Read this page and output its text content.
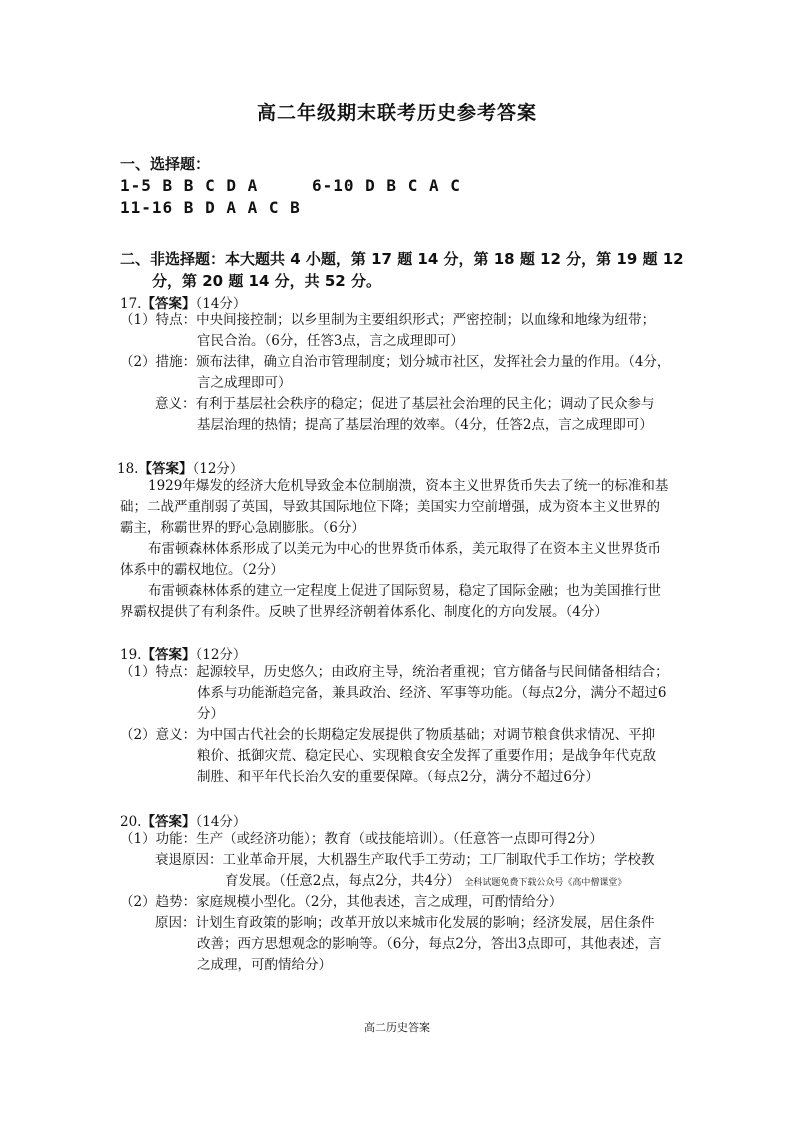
高二年级期末联考历史参考答案
一、选择题：
1-5 B B C D A	6-10 D B C A C
11-16 B D A A C B
二、非选择题：本大题共 4 小题，第 17 题 14 分，第 18 题 12 分，第 19 题 12
分，第 20 题 14 分，共 52 分。
17.【答案】（14分）
（1）特点：中央间接控制；以乡里制为主要组织形式；严密控制；以血缘和地缘为纽带；
官民合治。（6分，任答3点，言之成理即可）
（2）措施：颁布法律，确立自治市管理制度；划分城市社区，发挥社会力量的作用。（4分，
言之成理即可）
意义：有利于基层社会秩序的稳定；促进了基层社会治理的民主化；调动了民众参与
基层治理的热情；提高了基层治理的效率。（4分，任答2点，言之成理即可）
18.【答案】（12分）
1929年爆发的经济大危机导致金本位制崩溃，资本主义世界货币失去了统一的标准和基
础；二战严重削弱了英国，导致其国际地位下降；美国实力空前增强，成为资本主义世界的
霸主，称霸世界的野心急剧膨胀。（6分）
布雷顿森林体系形成了以美元为中心的世界货币体系，美元取得了在资本主义世界货币
体系中的霸权地位。（2分）
布雷顿森林体系的建立一定程度上促进了国际贸易，稳定了国际金融；也为美国推行世
界霸权提供了有利条件。反映了世界经济朝着体系化、制度化的方向发展。（4分）
19.【答案】（12分）
（1）特点：起源较早，历史悠久；由政府主导，统治者重视；官方储备与民间储备相结合；
体系与功能渐趋完备，兼具政治、经济、军事等功能。（每点2分，满分不超过6
分）
（2）意义：为中国古代社会的长期稳定发展提供了物质基础；对调节粮食供求情况、平抑
粮价、抵御灾荒、稳定民心、实现粮食安全发挥了重要作用；是战争年代克敌
制胜、和平年代长治久安的重要保障。（每点2分，满分不超过6分）
20.【答案】（14分）
（1）功能：生产（或经济功能）；教育（或技能培训）。（任意答一点即可得2分）
衰退原因：工业革命开展，大机器生产取代手工劳动；工厂制取代手工作坊；学校教
育发展。（任意2点，每点2分，共4分） 全科试题免费下载公众号《高中僧课堂》
（2）趋势：家庭规模小型化。（2分，其他表述，言之成理，可酌情给分）
原因：计划生育政策的影响；改革开放以来城市化发展的影响；经济发展，居住条件
改善；西方思想观念的影响等。（6分，每点2分，答出3点即可，其他表述，言
之成理，可酌情给分）
高二历史答案
